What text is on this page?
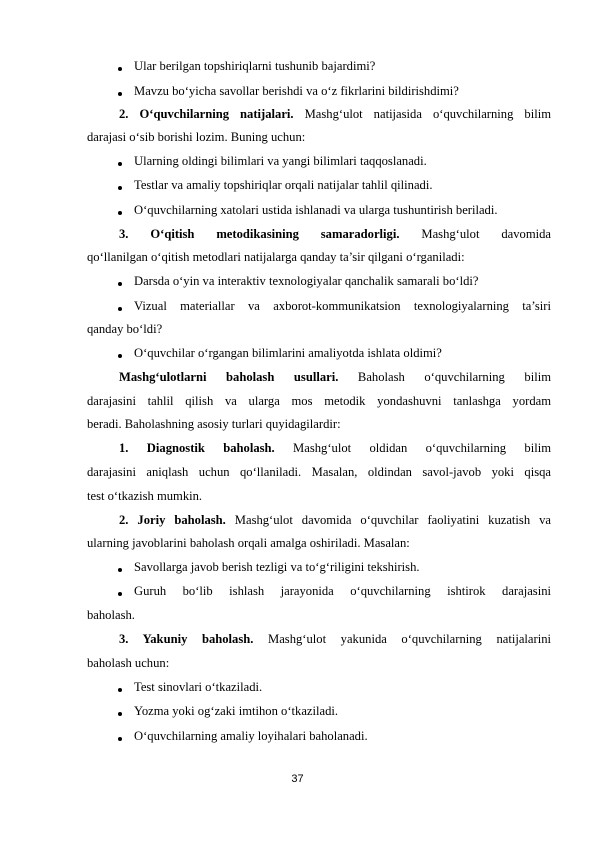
Ular berilgan topshiriqlarni tushunib bajardimi?
Mavzu bo‘yicha savollar berishdi va o‘z fikrlarini bildirishdimi?
2. O‘quvchilarning natijalari. Mashg‘ulot natijasida o‘quvchilarning bilim
darajasi o‘sib borishi lozim. Buning uchun:
Ularning oldingi bilimlari va yangi bilimlari taqqoslanadi.
Testlar va amaliy topshiriqlar orqali natijalar tahlil qilinadi.
O‘quvchilarning xatolari ustida ishlanadi va ularga tushuntirish beriladi.
3. O‘qitish metodikasining samaradorligi. Mashg‘ulot davomida
qo‘llanilgan o‘qitish metodlari natijalarga qanday ta’sir qilgani o‘rganiladi:
Darsda o‘yin va interaktiv texnologiyalar qanchalik samarali bo‘ldi?
Vizual materiallar va axborot-kommunikatsion texnologiyalarning ta’siri
qanday bo‘ldi?
O‘quvchilar o‘rgangan bilimlarini amaliyotda ishlata oldimi?
Mashg‘ulotlarni baholash usullari. Baholash o‘quvchilarning bilim
darajasini tahlil qilish va ularga mos metodik yondashuvni tanlashga yordam
beradi. Baholashning asosiy turlari quyidagilardir:
1. Diagnostik baholash. Mashg‘ulot oldidan o‘quvchilarning bilim
darajasini aniqlash uchun qo‘llaniladi. Masalan, oldindan savol-javob yoki qisqa
test o‘tkazish mumkin.
2. Joriy baholash. Mashg‘ulot davomida o‘quvchilar faoliyatini kuzatish va
ularning javoblarini baholash orqali amalga oshiriladi. Masalan:
Savollarga javob berish tezligi va to‘g‘riligini tekshirish.
Guruh bo‘lib ishlash jarayonida o‘quvchilarning ishtirok darajasini
baholash.
3. Yakuniy baholash. Mashg‘ulot yakunida o‘quvchilarning natijalarini
baholash uchun:
Test sinovlari o‘tkaziladi.
Yozma yoki og‘zaki imtihon o‘tkaziladi.
O‘quvchilarning amaliy loyihalari baholanadi.
37
